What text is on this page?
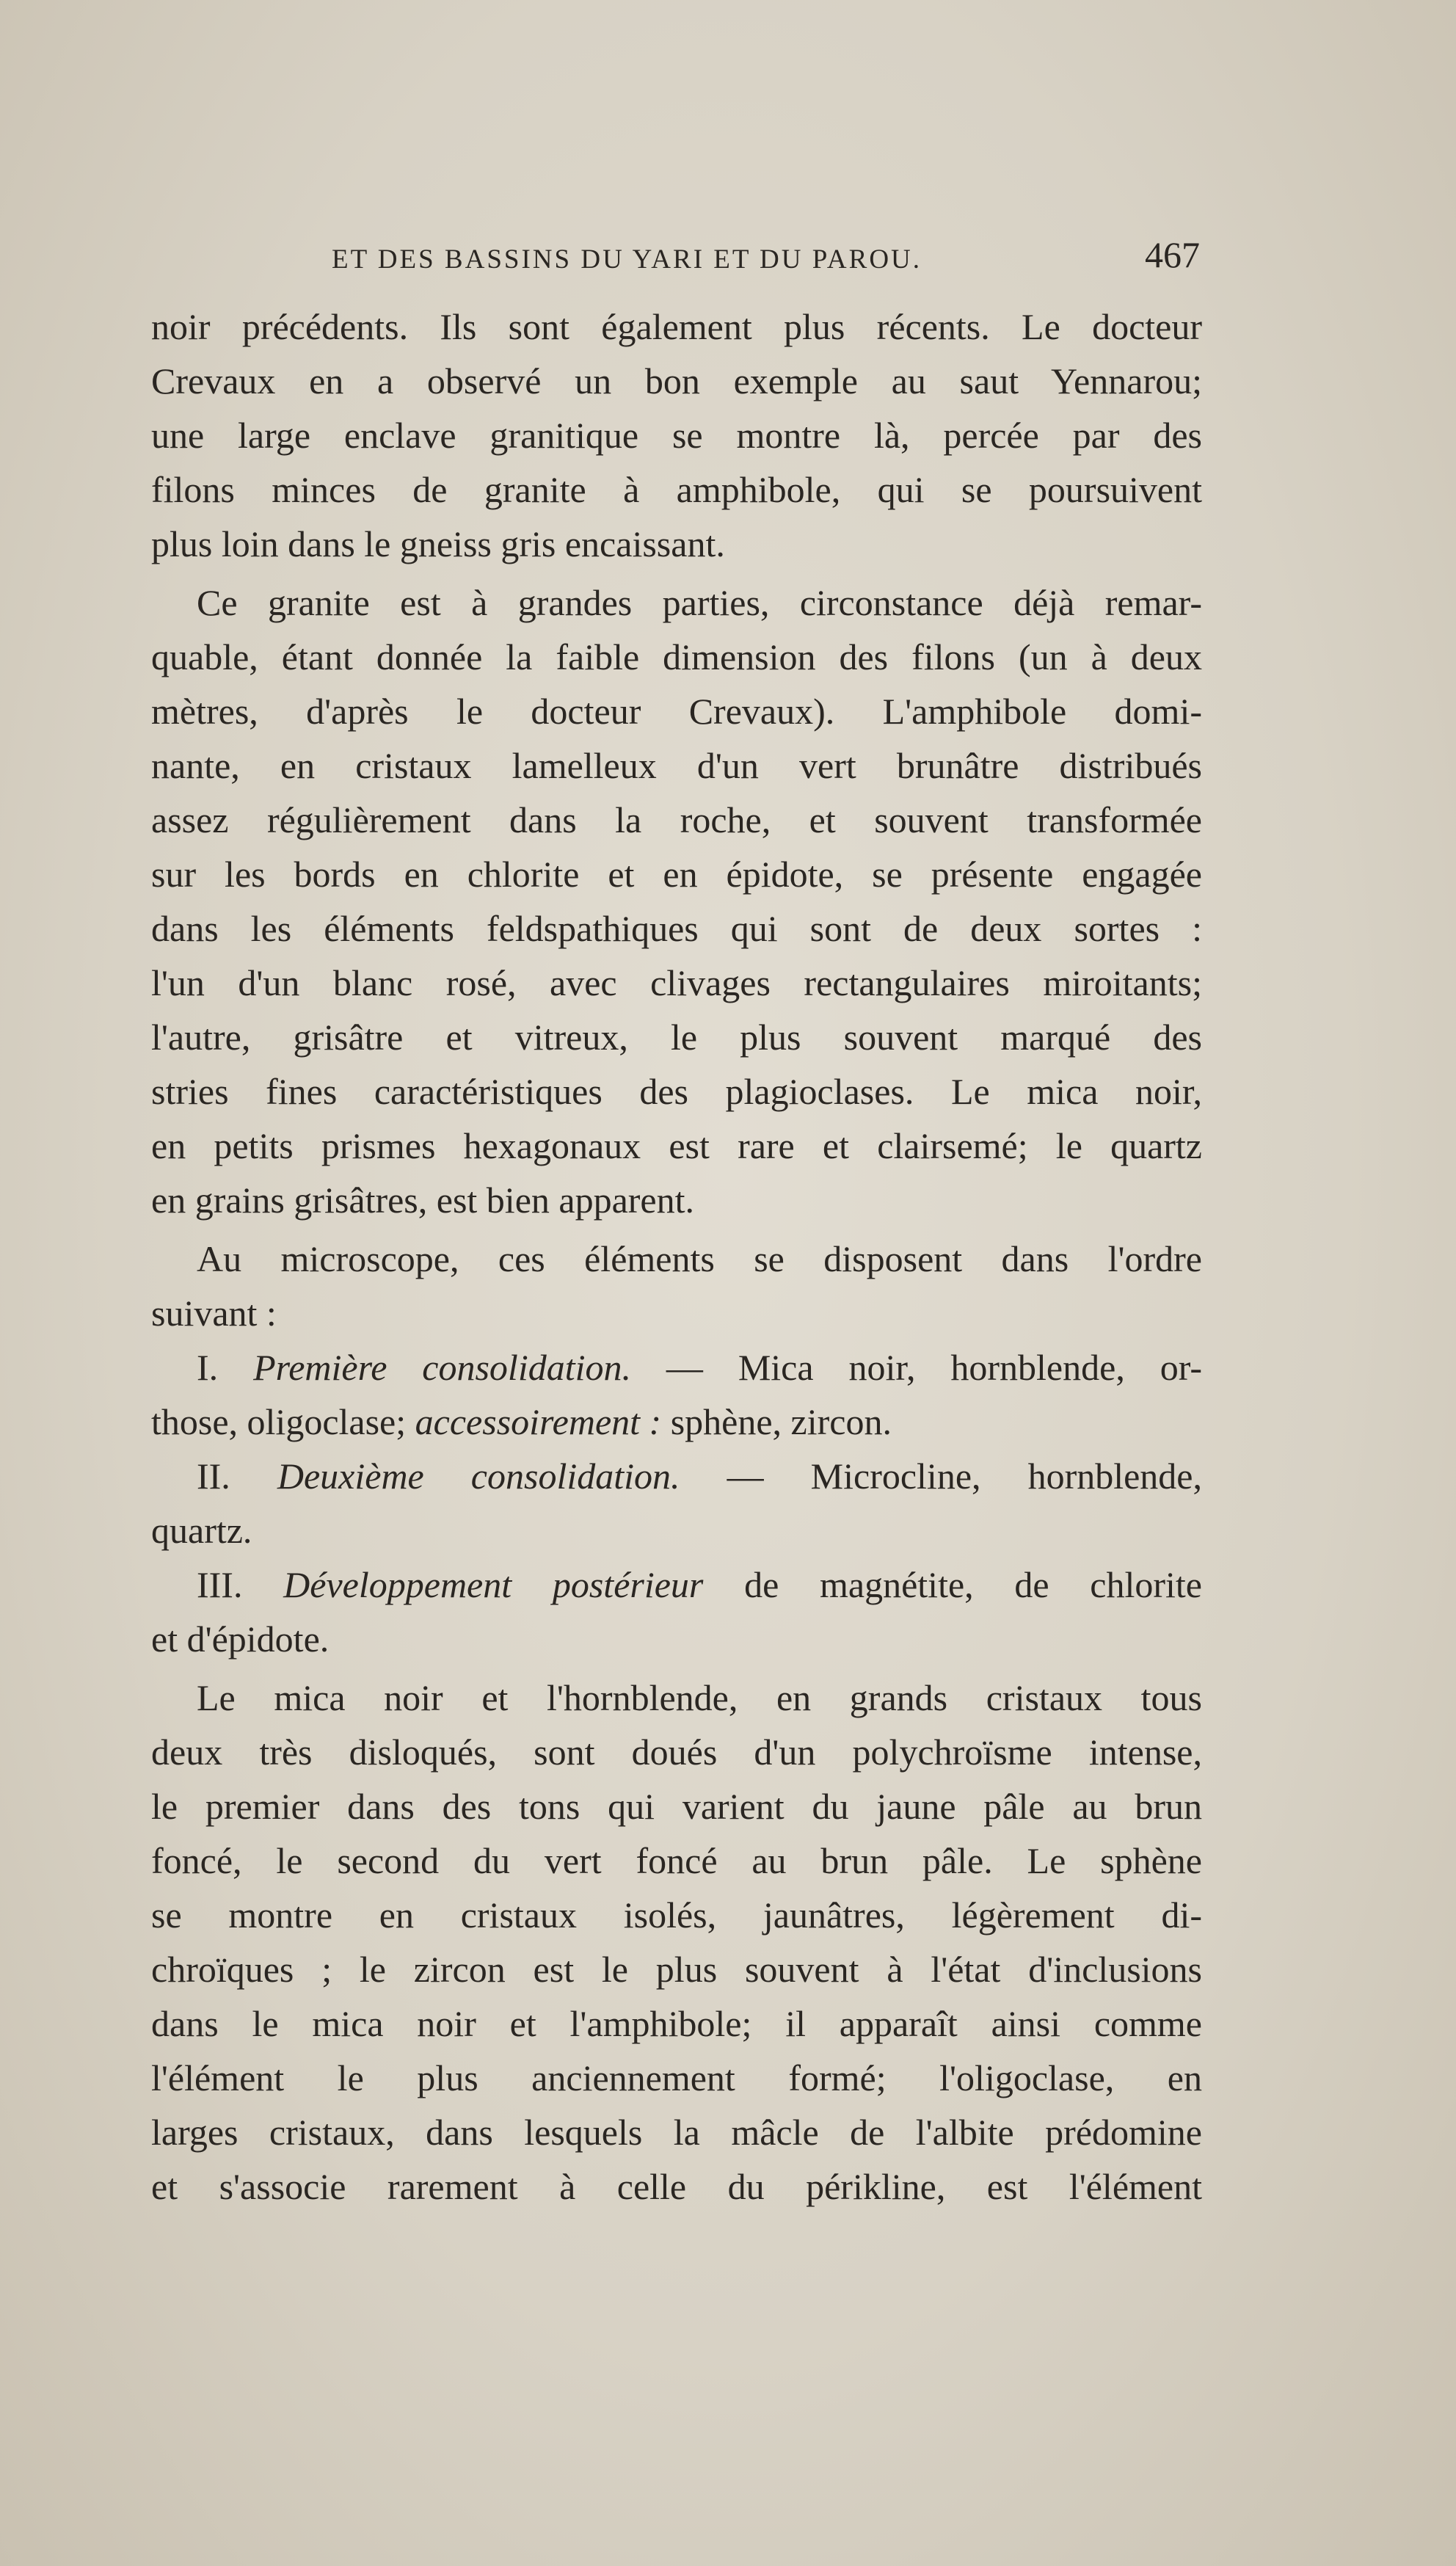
ET DES BASSINS DU YARI ET DU PAROU.	467
noir précédents. Ils sont également plus récents. Le docteur
Crevaux en a observé un bon exemple au saut Yennarou;
une large enclave granitique se montre là, percée par des
filons minces de granite à amphibole, qui se poursuivent
plus loin dans le gneiss gris encaissant.
Ce granite est à grandes parties, circonstance déjà remar-
quable, étant donnée la faible dimension des filons (un à deux
mètres, d'après le docteur Crevaux). L'amphibole domi-
nante, en cristaux lamelleux d'un vert brunâtre distribués
assez régulièrement dans la roche, et souvent transformée
sur les bords en chlorite et en épidote, se présente engagée
dans les éléments feldspathiques qui sont de deux sortes :
l'un d'un blanc rosé, avec clivages rectangulaires miroitants;
l'autre, grisâtre et vitreux, le plus souvent marqué des
stries fines caractéristiques des plagioclases. Le mica noir,
en petits prismes hexagonaux est rare et clairsemé; le quartz
en grains grisâtres, est bien apparent.
Au microscope, ces éléments se disposent dans l'ordre
suivant :
I. Première consolidation. — Mica noir, hornblende, or-
those, oligoclase; accessoirement : sphène, zircon.
II. Deuxième consolidation. — Microcline, hornblende,
quartz.
III. Développement postérieur de magnétite, de chlorite
et d'épidote.
Le mica noir et l'hornblende, en grands cristaux tous
deux très disloqués, sont doués d'un polychroïsme intense,
le premier dans des tons qui varient du jaune pâle au brun
foncé, le second du vert foncé au brun pâle. Le sphène
se montre en cristaux isolés, jaunâtres, légèrement di-
chroïques ; le zircon est le plus souvent à l'état d'inclusions
dans le mica noir et l'amphibole; il apparaît ainsi comme
l'élément le plus anciennement formé; l'oligoclase, en
larges cristaux, dans lesquels la mâcle de l'albite prédomine
et s'associe rarement à celle du périkline, est l'élément
